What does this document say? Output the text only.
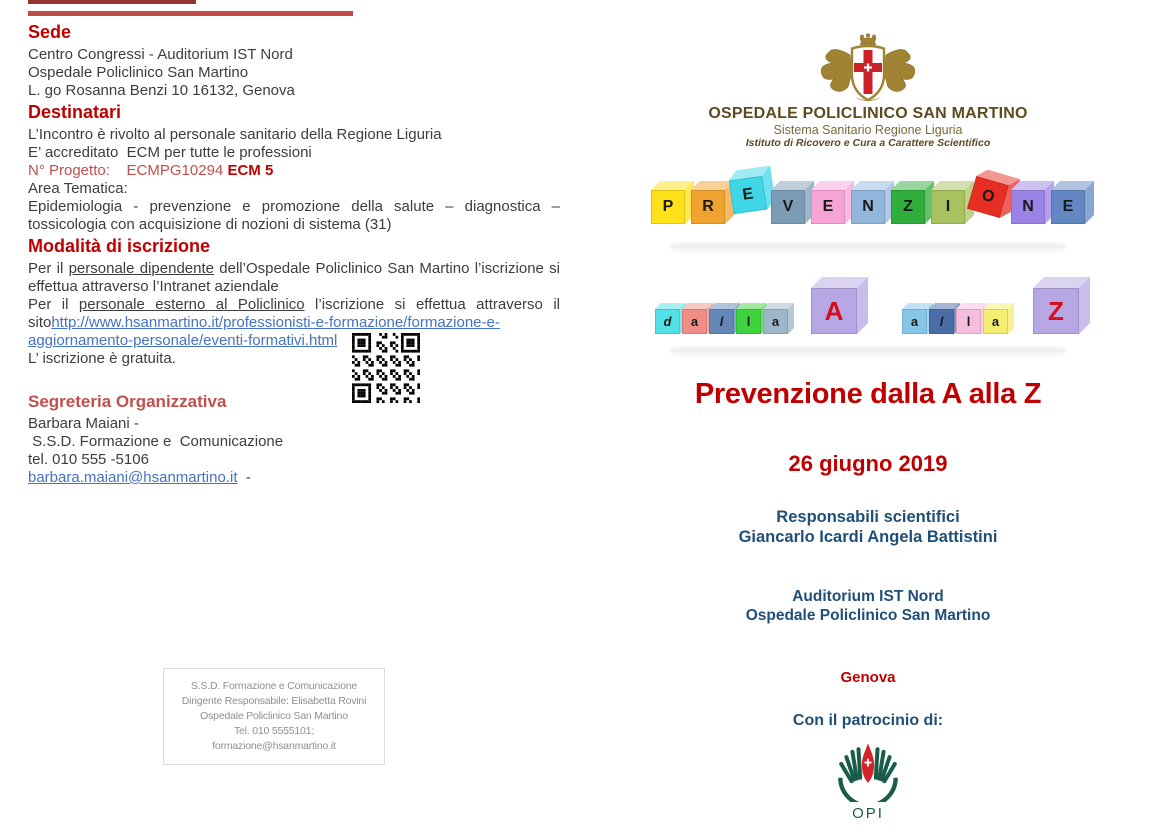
Sede
Centro Congressi - Auditorium IST Nord
Ospedale Policlinico San Martino
L. go Rosanna Benzi 10 16132, Genova
Destinatari
L’Incontro è rivolto al personale sanitario della Regione Liguria
E’ accreditato  ECM per tutte le professioni
N° Progetto:    ECMPG10294 ECM 5
Area Tematica:

Epidemiologia - prevenzione e promozione della salute – diagnostica – tossicologia con acquisizione di nozioni di sistema (31)

Modalità di iscrizione

Per il personale dipendente dell’Ospedale Policlinico San Martino l’iscrizione si effettua attraverso l’Intranet aziendale

Per il personale esterno al Policlinico l’iscrizione si effettua attraverso il sitohttp://www.hsanmartino.it/professionisti-e-formazione/formazione-e-aggiornamento-personale/eventi-formativi.html

L’ iscrizione è gratuita.
Segreteria Organizzativa
Barbara Maiani -
S.S.D. Formazione e  Comunicazione
tel. 010 555 -5106
barbara.maiani@hsanmartino.it  -
S.S.D. Formazione e Comunicazione
Dirigente Responsabile: Elisabetta Rovini
Ospedale Policlinico San Martino
Tel. 010 5555101;
formazione@hsanmartino.it
OSPEDALE POLICLINICO SAN MARTINO
Sistema Sanitario Regione Liguria
Istituto di Ricovero e Cura a Carattere Scientifico
P	R
E
V	E	N	Z	I
O
N	E
d	a	l	l	a	A	a	l	l	a	Z
Prevenzione dalla A alla Z
26 giugno 2019
Responsabili scientifici
Giancarlo Icardi Angela Battistini
Auditorium IST Nord
Ospedale Policlinico San Martino
Genova
Con il patrocinio di:
OPI
